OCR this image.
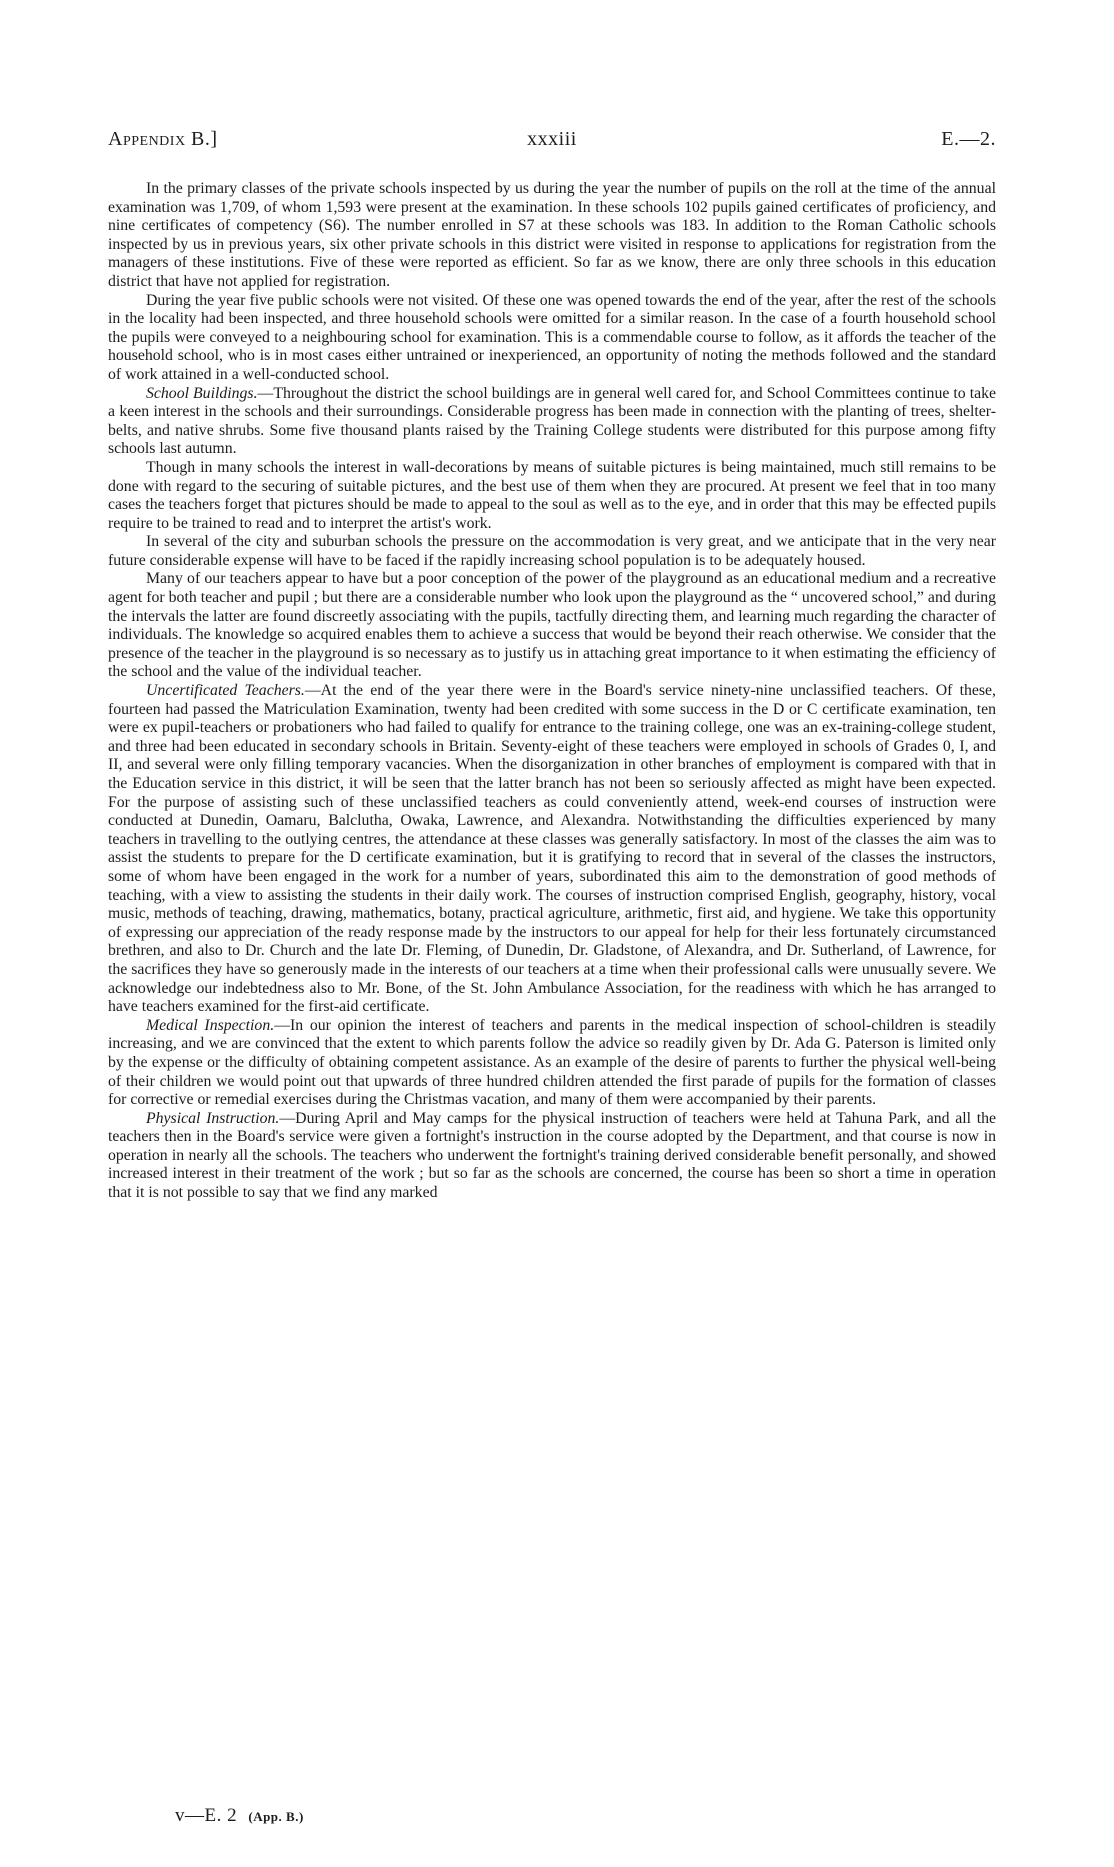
Appendix B.]	xxxiii	E.—2.

In the primary classes of the private schools inspected by us during the year the number of pupils on the roll at the time of the annual examination was 1,709, of whom 1,593 were present at the examination. In these schools 102 pupils gained certificates of proficiency, and nine certificates of competency (S6). The number enrolled in S7 at these schools was 183. In addition to the Roman Catholic schools inspected by us in previous years, six other private schools in this district were visited in response to applications for registration from the managers of these institutions. Five of these were reported as efficient. So far as we know, there are only three schools in this education district that have not applied for registration.

During the year five public schools were not visited. Of these one was opened towards the end of the year, after the rest of the schools in the locality had been inspected, and three household schools were omitted for a similar reason. In the case of a fourth household school the pupils were conveyed to a neighbouring school for examination. This is a commendable course to follow, as it affords the teacher of the household school, who is in most cases either untrained or inexperienced, an opportunity of noting the methods followed and the standard of work attained in a well-conducted school.

School Buildings.—Throughout the district the school buildings are in general well cared for, and School Committees continue to take a keen interest in the schools and their surroundings. Considerable progress has been made in connection with the planting of trees, shelter-belts, and native shrubs. Some five thousand plants raised by the Training College students were distributed for this purpose among fifty schools last autumn.

Though in many schools the interest in wall-decorations by means of suitable pictures is being maintained, much still remains to be done with regard to the securing of suitable pictures, and the best use of them when they are procured. At present we feel that in too many cases the teachers forget that pictures should be made to appeal to the soul as well as to the eye, and in order that this may be effected pupils require to be trained to read and to interpret the artist's work.

In several of the city and suburban schools the pressure on the accommodation is very great, and we anticipate that in the very near future considerable expense will have to be faced if the rapidly increasing school population is to be adequately housed.

Many of our teachers appear to have but a poor conception of the power of the playground as an educational medium and a recreative agent for both teacher and pupil ; but there are a considerable number who look upon the playground as the “ uncovered school,” and during the intervals the latter are found discreetly associating with the pupils, tactfully directing them, and learning much regarding the character of individuals. The knowledge so acquired enables them to achieve a success that would be beyond their reach otherwise. We consider that the presence of the teacher in the playground is so necessary as to justify us in attaching great importance to it when estimating the efficiency of the school and the value of the individual teacher.

Uncertificated Teachers.—At the end of the year there were in the Board's service ninety-nine unclassified teachers. Of these, fourteen had passed the Matriculation Examination, twenty had been credited with some success in the D or C certificate examination, ten were ex pupil-teachers or probationers who had failed to qualify for entrance to the training college, one was an ex-training-college student, and three had been educated in secondary schools in Britain. Seventy-eight of these teachers were employed in schools of Grades 0, I, and II, and several were only filling temporary vacancies. When the disorganization in other branches of employment is compared with that in the Education service in this district, it will be seen that the latter branch has not been so seriously affected as might have been expected. For the purpose of assisting such of these unclassified teachers as could conveniently attend, week-end courses of instruction were conducted at Dunedin, Oamaru, Balclutha, Owaka, Lawrence, and Alexandra. Notwithstanding the difficulties experienced by many teachers in travelling to the outlying centres, the attendance at these classes was generally satisfactory. In most of the classes the aim was to assist the students to prepare for the D certificate examination, but it is gratifying to record that in several of the classes the instructors, some of whom have been engaged in the work for a number of years, subordinated this aim to the demonstration of good methods of teaching, with a view to assisting the students in their daily work. The courses of instruction comprised English, geography, history, vocal music, methods of teaching, drawing, mathematics, botany, practical agriculture, arithmetic, first aid, and hygiene. We take this opportunity of expressing our appreciation of the ready response made by the instructors to our appeal for help for their less fortunately circumstanced brethren, and also to Dr. Church and the late Dr. Fleming, of Dunedin, Dr. Gladstone, of Alexandra, and Dr. Sutherland, of Lawrence, for the sacrifices they have so generously made in the interests of our teachers at a time when their professional calls were unusually severe. We acknowledge our indebtedness also to Mr. Bone, of the St. John Ambulance Association, for the readiness with which he has arranged to have teachers examined for the first-aid certificate.

Medical Inspection.—In our opinion the interest of teachers and parents in the medical inspection of school-children is steadily increasing, and we are convinced that the extent to which parents follow the advice so readily given by Dr. Ada G. Paterson is limited only by the expense or the difficulty of obtaining competent assistance. As an example of the desire of parents to further the physical well-being of their children we would point out that upwards of three hundred children attended the first parade of pupils for the formation of classes for corrective or remedial exercises during the Christmas vacation, and many of them were accompanied by their parents.

Physical Instruction.—During April and May camps for the physical instruction of teachers were held at Tahuna Park, and all the teachers then in the Board's service were given a fortnight's instruction in the course adopted by the Department, and that course is now in operation in nearly all the schools. The teachers who underwent the fortnight's training derived considerable benefit personally, and showed increased interest in their treatment of the work ; but so far as the schools are concerned, the course has been so short a time in operation that it is not possible to say that we find any marked

v—E. 2 (App. B.)
